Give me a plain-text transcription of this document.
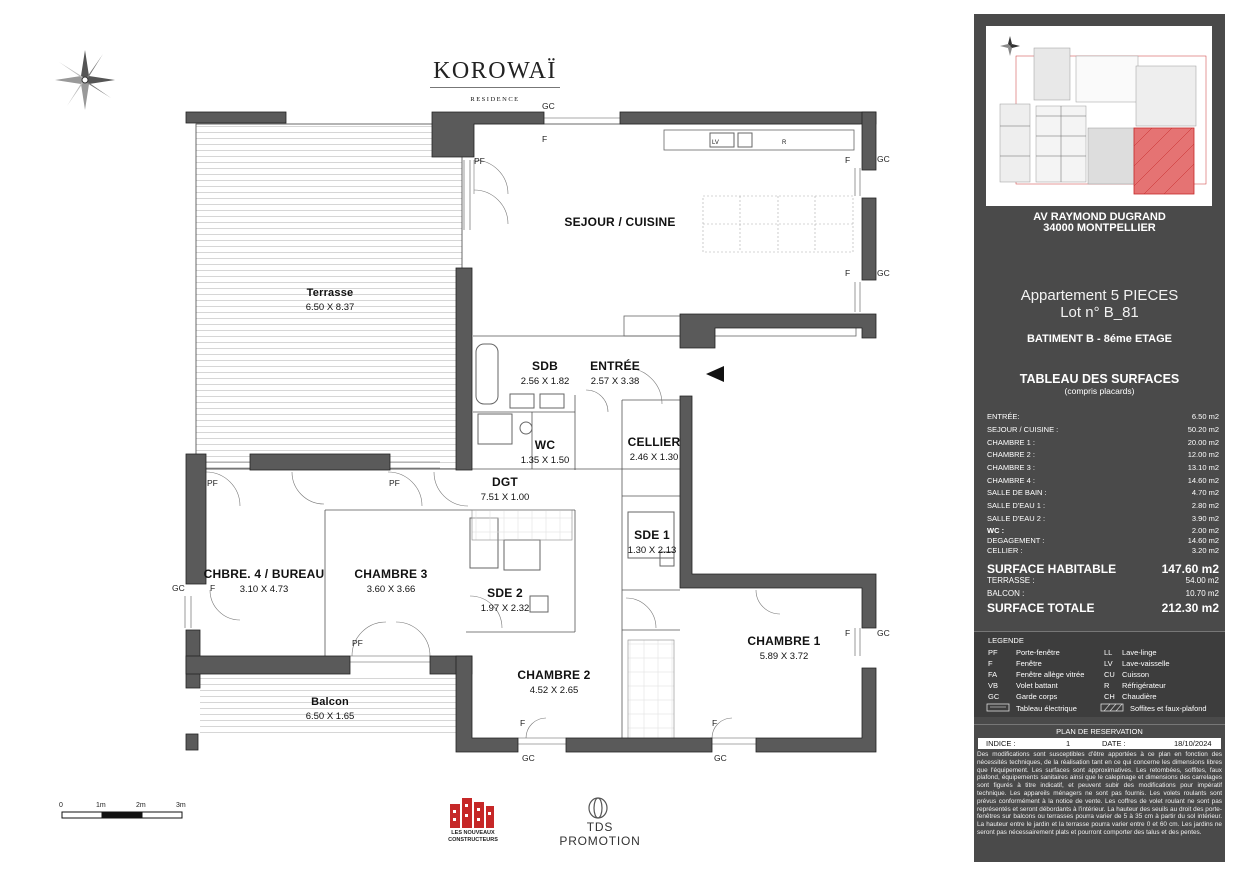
KOROWAÏ
RESIDENCE
SEJOUR / CUISINE
Terrasse
6.50 X 8.37
SDB
2.56 X 1.82
ENTRÉE
2.57 X 3.38
WC
1.35 X 1.50
CELLIER
2.46 X 1.30
DGT
7.51 X 1.00
SDE 1
1.30 X 2.13
CHBRE. 4 / BUREAU
3.10 X 4.73
CHAMBRE 3
3.60 X 3.66	SDE 2
1.97 X 2.32
CHAMBRE 1
5.89 X 3.72
CHAMBRE 2
4.52 X 2.65
Balcon
6.50 X 1.65
GC
F
PF
LV	R
F	GC
F	GC
PF	PF
GC	F
PF
F	GC
F
GC
F
GC
0	1m	2m	3m
LES NOUVEAUX CONSTRUCTEURS
TDS PROMOTION
AV RAYMOND DUGRAND
34000 MONTPELLIER
Appartement 5 PIECES
Lot n° B_81
BATIMENT B - 8éme ETAGE
TABLEAU DES SURFACES
(compris placards)
ENTRÉE:	6.50 m2
SEJOUR / CUISINE :	50.20 m2
CHAMBRE 1 :	20.00 m2
CHAMBRE 2 :	12.00 m2
CHAMBRE 3 :	13.10 m2
CHAMBRE 4 :	14.60 m2
SALLE DE BAIN :	4.70 m2
SALLE D'EAU 1 :	2.80 m2
SALLE D'EAU 2 :	3.90 m2
WC :	2.00 m2
DEGAGEMENT :	14.60 m2
CELLIER :	3.20 m2
SURFACE HABITABLE	147.60 m2
TERRASSE :	54.00 m2
BALCON :	10.70 m2
SURFACE TOTALE	212.30 m2
LEGENDE
PF Porte-fenêtre
F	Fenêtre
FA	Fenêtre allège vitrée
VB Volet battant
GC Garde corps
LL Lave-linge
LV Lave-vaisselle
CU Cuisson
R Réfrigérateur
CH Chaudière
Tableau électrique	Soffites et faux-plafond
PLAN DE RESERVATION
INDICE :	1	DATE :	18/10/2024
Des modifications sont susceptibles d'être apportées à ce plan en fonction des nécessités techniques, de la réalisation tant en ce qui concerne les dimensions libres que l'équipement. Les surfaces sont approximatives. Les retombées, soffites, faux plafond, équipements sanitaires ainsi que le calepinage et dimensions des carrelages sont figurés à titre indicatif, et peuvent subir des modifications pour impératif technique. Les appareils ménagers ne sont pas fournis. Les volets roulants sont prévus conformément à la notice de vente. Les coffres de volet roulant ne sont pas représentés et seront débordants à l'intérieur. La hauteur des seuils au droit des porte-fenêtres sur balcons ou terrasses pourra varier de 5 à 35 cm à partir du sol intérieur. La hauteur entre le jardin et la terrasse pourra varier entre 0 et 60 cm. Les jardins ne seront pas nécessairement plats et pourront comporter des talus et des pentes.
